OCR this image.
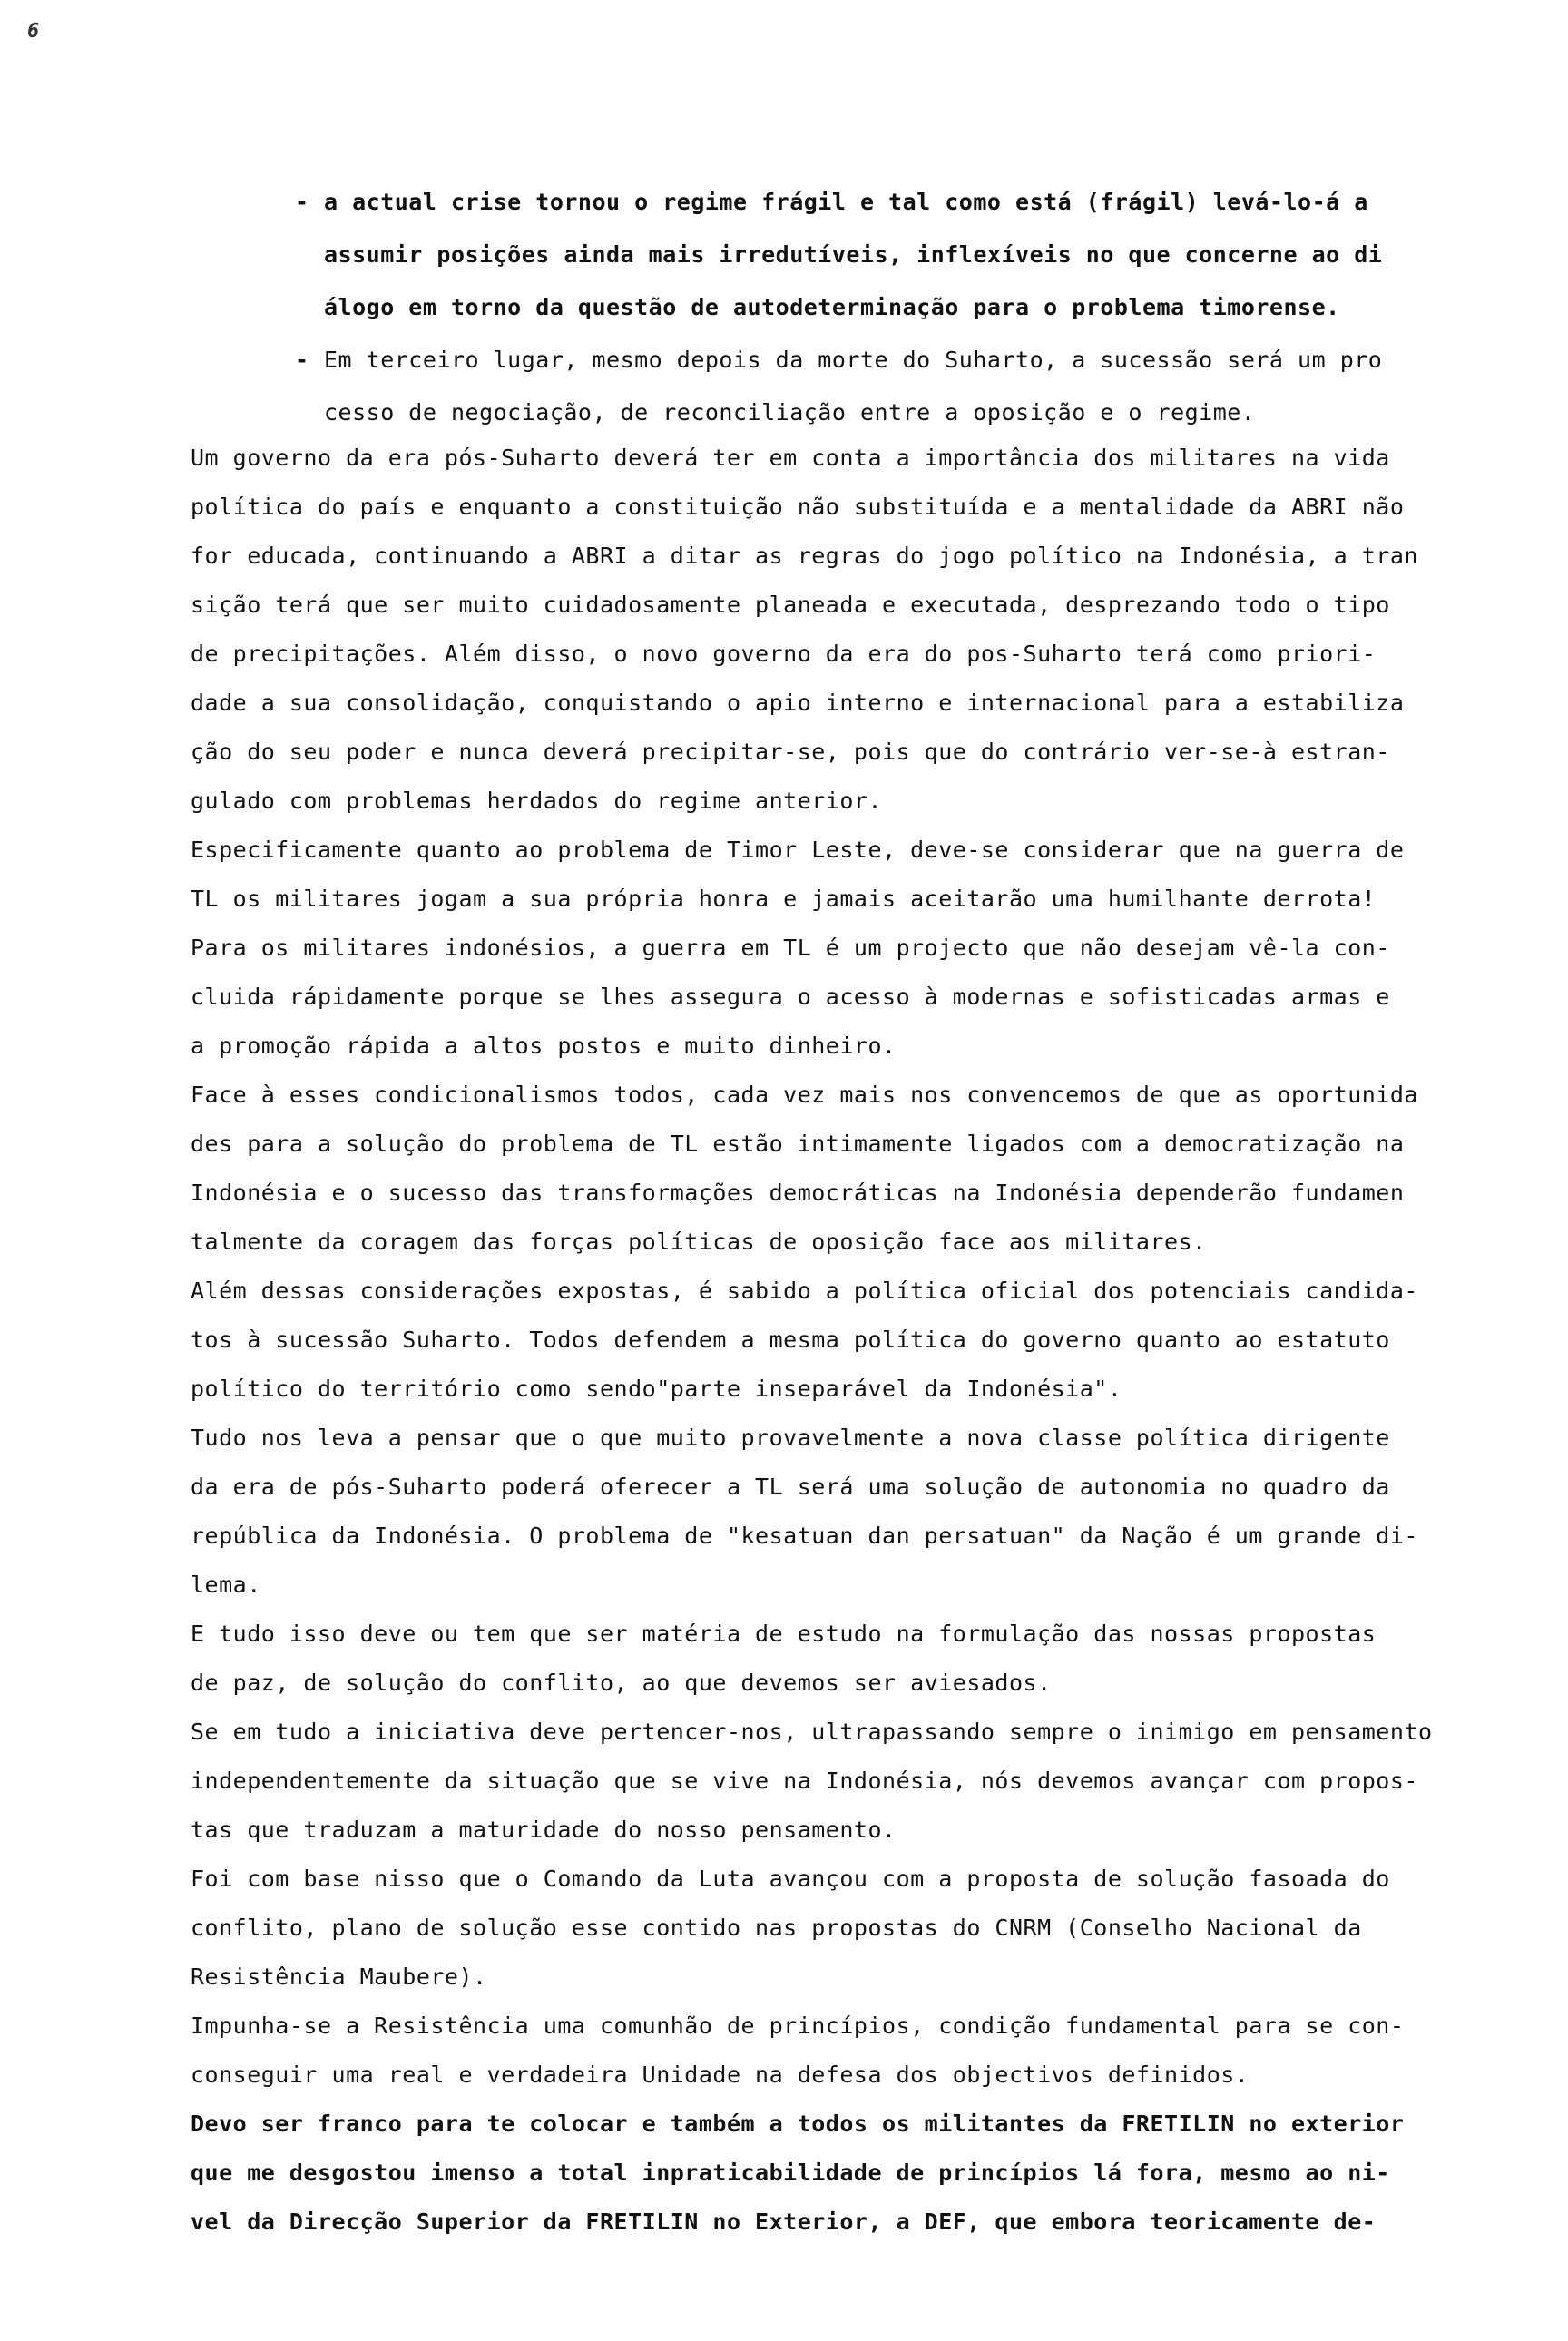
6
- a actual crise tornou o regime frágil e tal como está (frágil) levá-lo-á a
assumir posições ainda mais irredutíveis, inflexíveis no que concerne ao di
álogo em torno da questão de autodeterminação para o problema timorense.
- Em terceiro lugar, mesmo depois da morte do Suharto, a sucessão será um pro
cesso de negociação, de reconciliação entre a oposição e o regime.
Um governo da era pós-Suharto deverá ter em conta a importância dos militares na vida
política do país e enquanto a constituição não substituída e a mentalidade da ABRI não
for educada, continuando a ABRI a ditar as regras do jogo político na Indonésia, a tran
sição terá que ser muito cuidadosamente planeada e executada, desprezando todo o tipo
de precipitações. Além disso, o novo governo da era do pos-Suharto terá como priori-
dade a sua consolidação, conquistando o apio interno e internacional para a estabiliza
ção do seu poder e nunca deverá precipitar-se, pois que do contrário ver-se-à estran-
gulado com problemas herdados do regime anterior.
Especificamente quanto ao problema de Timor Leste, deve-se considerar que na guerra de
TL os militares jogam a sua própria honra e jamais aceitarão uma humilhante derrota!
Para os militares indonésios, a guerra em TL é um projecto que não desejam vê-la con-
cluida rápidamente porque se lhes assegura o acesso à modernas e sofisticadas armas e
a promoção rápida a altos postos e muito dinheiro.
Face à esses condicionalismos todos, cada vez mais nos convencemos de que as oportunida
des para a solução do problema de TL estão intimamente ligados com a democratização na
Indonésia e o sucesso das transformações democráticas na Indonésia dependerão fundamen
talmente da coragem das forças políticas de oposição face aos militares.
Além dessas considerações expostas, é sabido a política oficial dos potenciais candida-
tos à sucessão Suharto. Todos defendem a mesma política do governo quanto ao estatuto
político do território como sendo"parte inseparável da Indonésia".
Tudo nos leva a pensar que o que muito provavelmente a nova classe política dirigente
da era de pós-Suharto poderá oferecer a TL será uma solução de autonomia no quadro da
república da Indonésia. O problema de "kesatuan dan persatuan" da Nação é um grande di-
lema.
E tudo isso deve ou tem que ser matéria de estudo na formulação das nossas propostas
de paz, de solução do conflito, ao que devemos ser aviesados.
Se em tudo a iniciativa deve pertencer-nos, ultrapassando sempre o inimigo em pensamento
independentemente da situação que se vive na Indonésia, nós devemos avançar com propos-
tas que traduzam a maturidade do nosso pensamento.
Foi com base nisso que o Comando da Luta avançou com a proposta de solução fasoada do
conflito, plano de solução esse contido nas propostas do CNRM (Conselho Nacional da
Resistência Maubere).
Impunha-se a Resistência uma comunhão de princípios, condição fundamental para se con-
conseguir uma real e verdadeira Unidade na defesa dos objectivos definidos.
Devo ser franco para te colocar e também a todos os militantes da FRETILIN no exterior
que me desgostou imenso a total inpraticabilidade de princípios lá fora, mesmo ao ni-
vel da Direcção Superior da FRETILIN no Exterior, a DEF, que embora teoricamente de-
